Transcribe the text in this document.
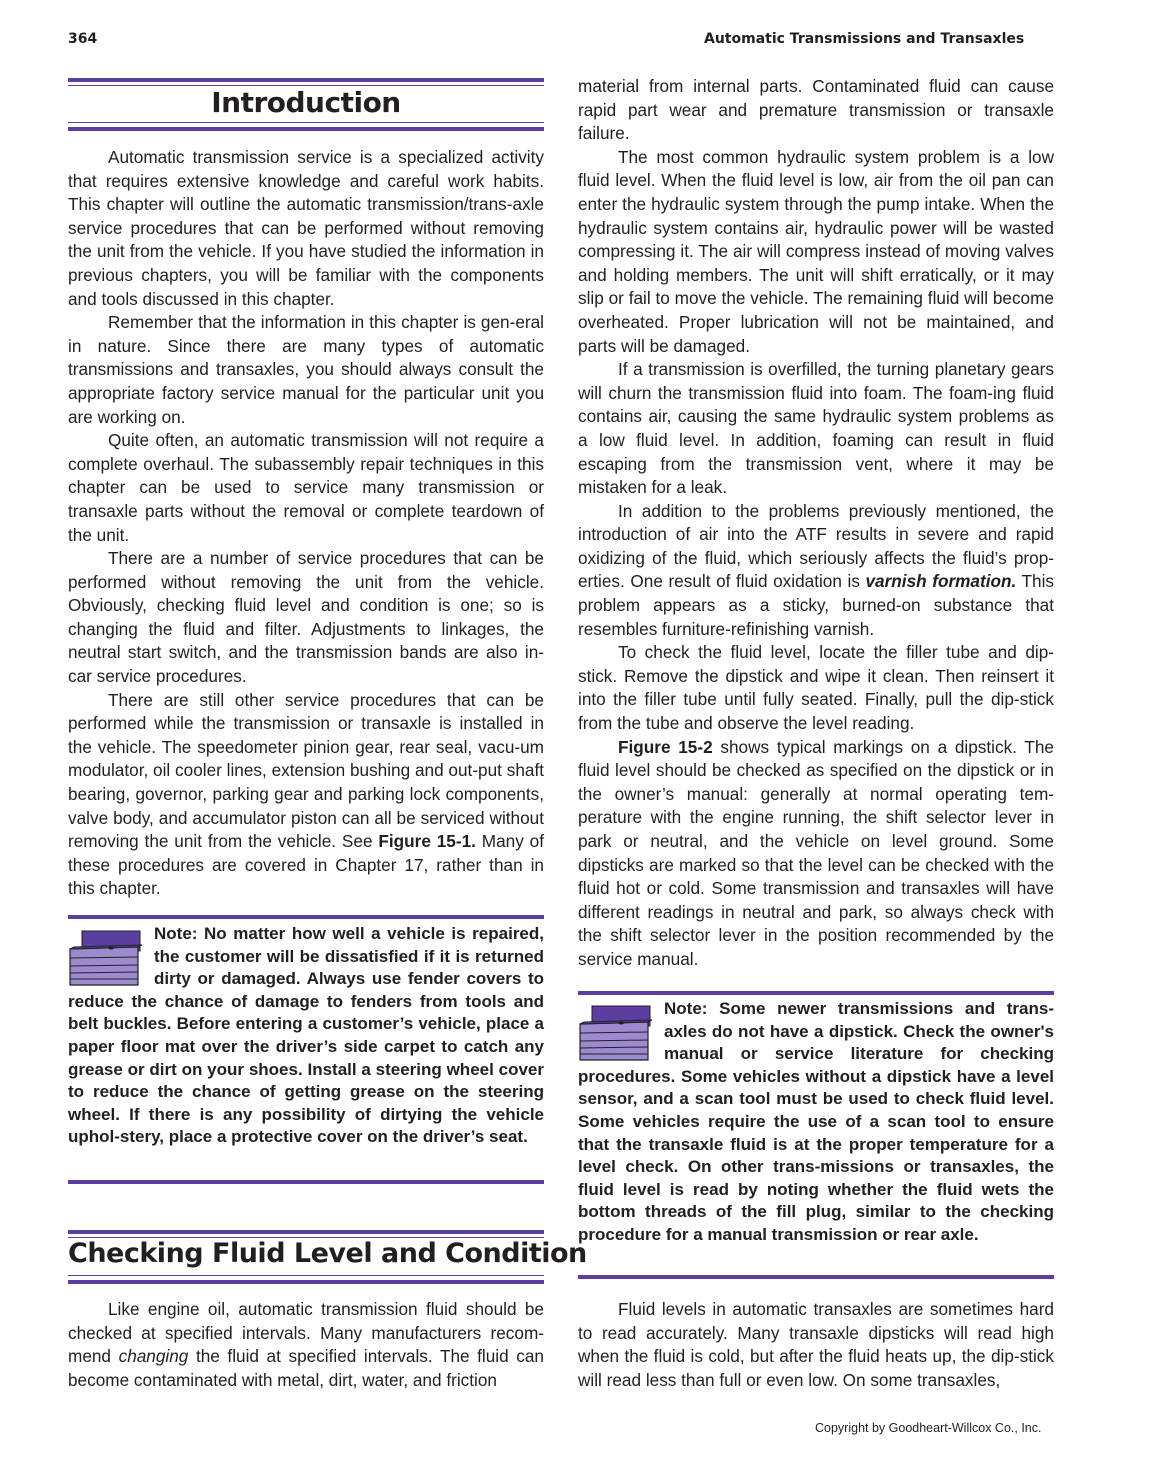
364	Automatic Transmissions and Transaxles
Introduction

Automatic transmission service is a specialized activity that requires extensive knowledge and careful work habits. This chapter will outline the automatic transmission/trans-axle service procedures that can be performed without removing the unit from the vehicle. If you have studied the information in previous chapters, you will be familiar with the components and tools discussed in this chapter.

Remember that the information in this chapter is gen-eral in nature. Since there are many types of automatic transmissions and transaxles, you should always consult the appropriate factory service manual for the particular unit you are working on.

Quite often, an automatic transmission will not require a complete overhaul. The subassembly repair techniques in this chapter can be used to service many transmission or transaxle parts without the removal or complete teardown of the unit.

There are a number of service procedures that can be performed without removing the unit from the vehicle. Obviously, checking fluid level and condition is one; so is changing the fluid and filter. Adjustments to linkages, the neutral start switch, and the transmission bands are also in-car service procedures.

There are still other service procedures that can be performed while the transmission or transaxle is installed in the vehicle. The speedometer pinion gear, rear seal, vacu-um modulator, oil cooler lines, extension bushing and out-put shaft bearing, governor, parking gear and parking lock components, valve body, and accumulator piston can all be serviced without removing the unit from the vehicle. See Figure 15-1. Many of these procedures are covered in Chapter 17, rather than in this chapter.

Note: No matter how well a vehicle is repaired, the customer will be dissatisfied if it is returned dirty or damaged. Always use fender covers to reduce the chance of damage to fenders from tools and belt buckles. Before entering a customer’s vehicle, place a paper floor mat over the driver’s side carpet to catch any grease or dirt on your shoes. Install a steering wheel cover to reduce the chance of getting grease on the steering wheel. If there is any possibility of dirtying the vehicle uphol-stery, place a protective cover on the driver’s seat.

Checking Fluid Level and Condition

Like engine oil, automatic transmission fluid should be checked at specified intervals. Many manufacturers recom-mend changing the fluid at specified intervals. The fluid can become contaminated with metal, dirt, water, and friction

material from internal parts. Contaminated fluid can cause rapid part wear and premature transmission or transaxle failure.

The most common hydraulic system problem is a low fluid level. When the fluid level is low, air from the oil pan can enter the hydraulic system through the pump intake. When the hydraulic system contains air, hydraulic power will be wasted compressing it. The air will compress instead of moving valves and holding members. The unit will shift erratically, or it may slip or fail to move the vehicle. The remaining fluid will become overheated. Proper lubrication will not be maintained, and parts will be damaged.

If a transmission is overfilled, the turning planetary gears will churn the transmission fluid into foam. The foam-ing fluid contains air, causing the same hydraulic system problems as a low fluid level. In addition, foaming can result in fluid escaping from the transmission vent, where it may be mistaken for a leak.

In addition to the problems previously mentioned, the introduction of air into the ATF results in severe and rapid oxidizing of the fluid, which seriously affects the fluid’s prop-erties. One result of fluid oxidation is varnish formation. This problem appears as a sticky, burned-on substance that resembles furniture-refinishing varnish.

To check the fluid level, locate the filler tube and dip-stick. Remove the dipstick and wipe it clean. Then reinsert it into the filler tube until fully seated. Finally, pull the dip-stick from the tube and observe the level reading.

Figure 15-2 shows typical markings on a dipstick. The fluid level should be checked as specified on the dipstick or in the owner’s manual: generally at normal operating tem-perature with the engine running, the shift selector lever in park or neutral, and the vehicle on level ground. Some dipsticks are marked so that the level can be checked with the fluid hot or cold. Some transmission and transaxles will have different readings in neutral and park, so always check with the shift selector lever in the position recommended by the service manual.

Note: Some newer transmissions and trans-axles do not have a dipstick. Check the owner's manual or service literature for checking procedures. Some vehicles without a dipstick have a level sensor, and a scan tool must be used to check fluid level. Some vehicles require the use of a scan tool to ensure that the transaxle fluid is at the proper temperature for a level check. On other trans-missions or transaxles, the fluid level is read by noting whether the fluid wets the bottom threads of the fill plug, similar to the checking procedure for a manual transmission or rear axle.

Fluid levels in automatic transaxles are sometimes hard to read accurately. Many transaxle dipsticks will read high when the fluid is cold, but after the fluid heats up, the dip-stick will read less than full or even low. On some transaxles,

Copyright by Goodheart-Willcox Co., Inc.
